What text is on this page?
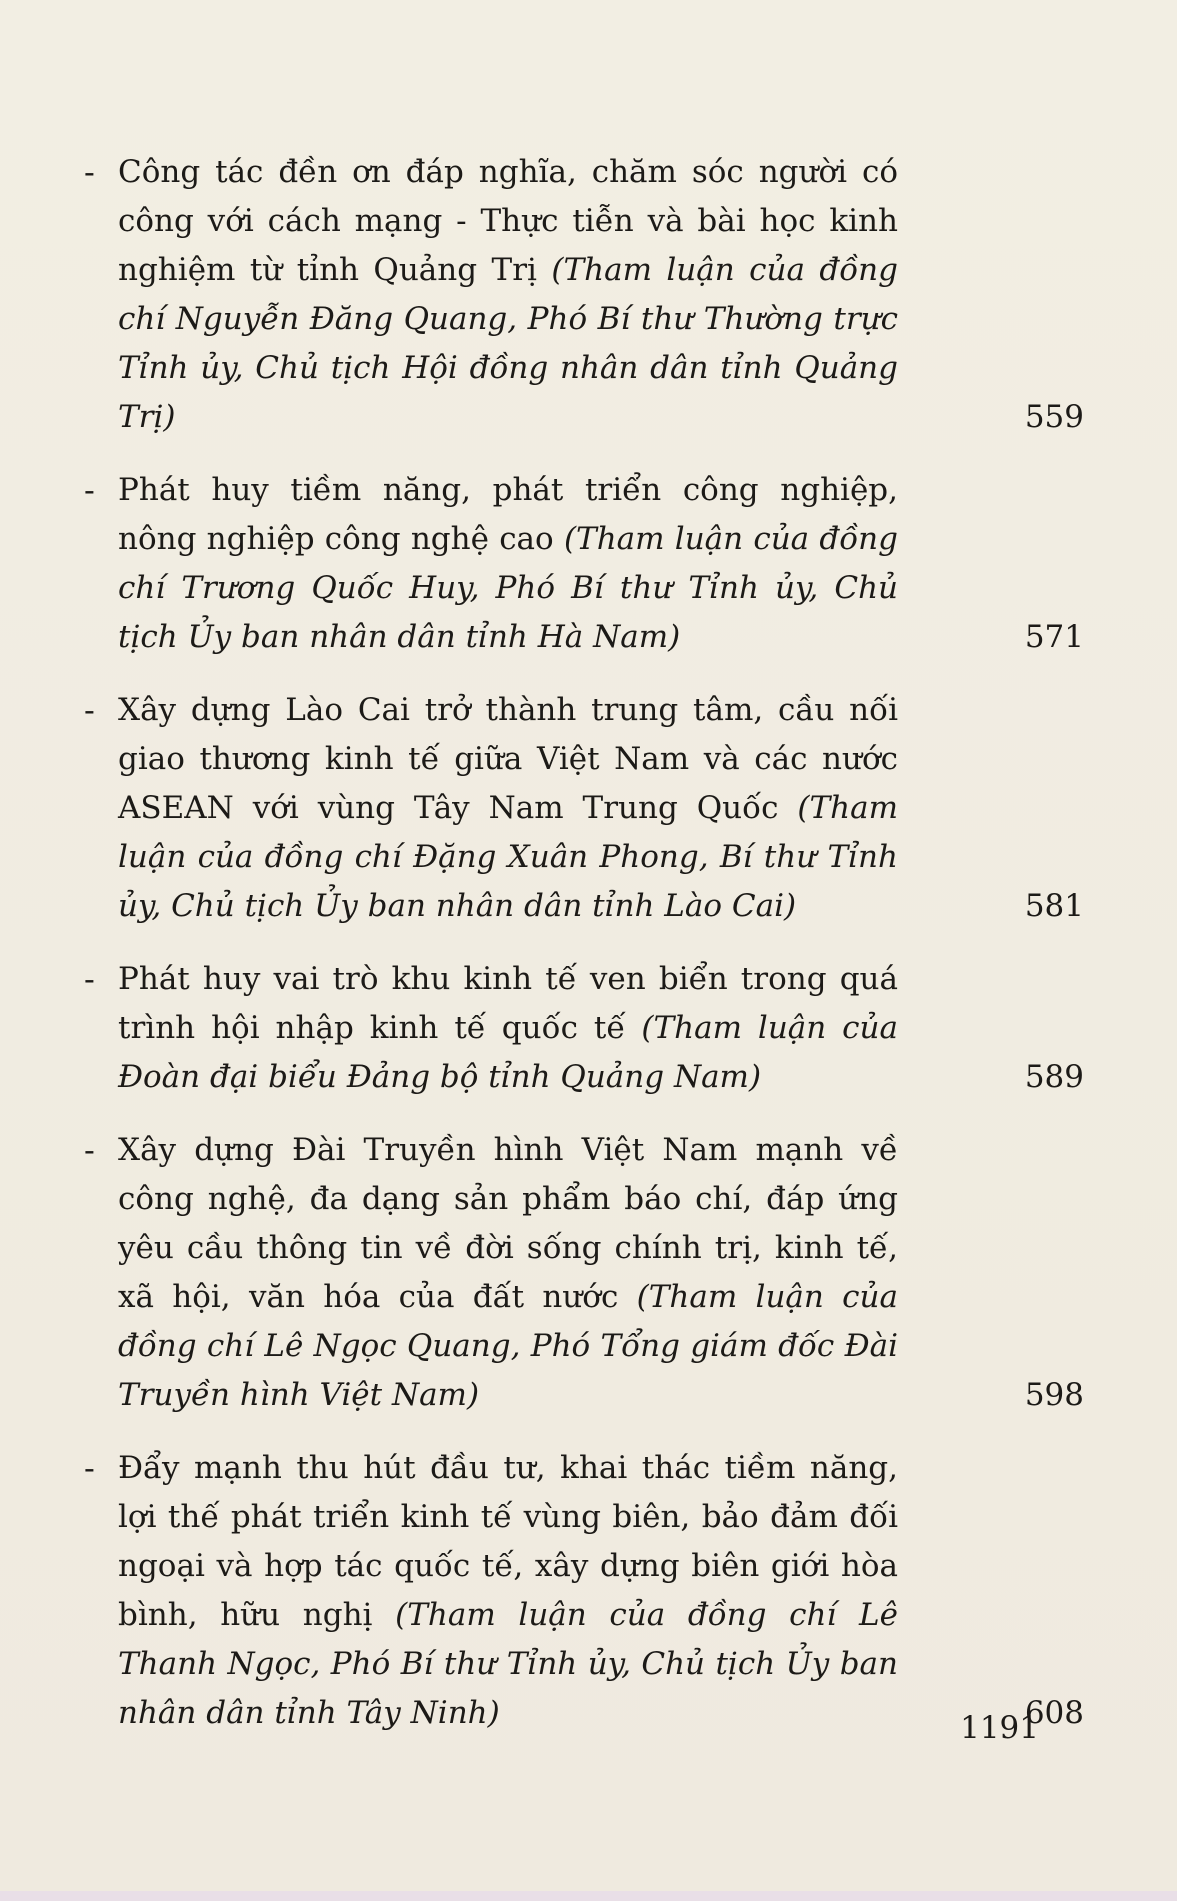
- Công tác đền ơn đáp nghĩa, chăm sóc người có công với cách mạng - Thực tiễn và bài học kinh nghiệm từ tỉnh Quảng Trị (Tham luận của đồng chí Nguyễn Đăng Quang, Phó Bí thư Thường trực Tỉnh ủy, Chủ tịch Hội đồng nhân dân tỉnh Quảng Trị)	559
- Phát huy tiềm năng, phát triển công nghiệp, nông nghiệp công nghệ cao (Tham luận của đồng chí Trương Quốc Huy, Phó Bí thư Tỉnh ủy, Chủ tịch Ủy ban nhân dân tỉnh Hà Nam)	571
- Xây dựng Lào Cai trở thành trung tâm, cầu nối giao thương kinh tế giữa Việt Nam và các nước ASEAN với vùng Tây Nam Trung Quốc (Tham luận của đồng chí Đặng Xuân Phong, Bí thư Tỉnh ủy, Chủ tịch Ủy ban nhân dân tỉnh Lào Cai)	581
- Phát huy vai trò khu kinh tế ven biển trong quá trình hội nhập kinh tế quốc tế (Tham luận của Đoàn đại biểu Đảng bộ tỉnh Quảng Nam)	589
- Xây dựng Đài Truyền hình Việt Nam mạnh về công nghệ, đa dạng sản phẩm báo chí, đáp ứng yêu cầu thông tin về đời sống chính trị, kinh tế, xã hội, văn hóa của đất nước (Tham luận của đồng chí Lê Ngọc Quang, Phó Tổng giám đốc Đài Truyền hình Việt Nam)	598
- Đẩy mạnh thu hút đầu tư, khai thác tiềm năng, lợi thế phát triển kinh tế vùng biên, bảo đảm đối ngoại và hợp tác quốc tế, xây dựng biên giới hòa bình, hữu nghị (Tham luận của đồng chí Lê Thanh Ngọc, Phó Bí thư Tỉnh ủy, Chủ tịch Ủy ban nhân dân tỉnh Tây Ninh)	608
1191
